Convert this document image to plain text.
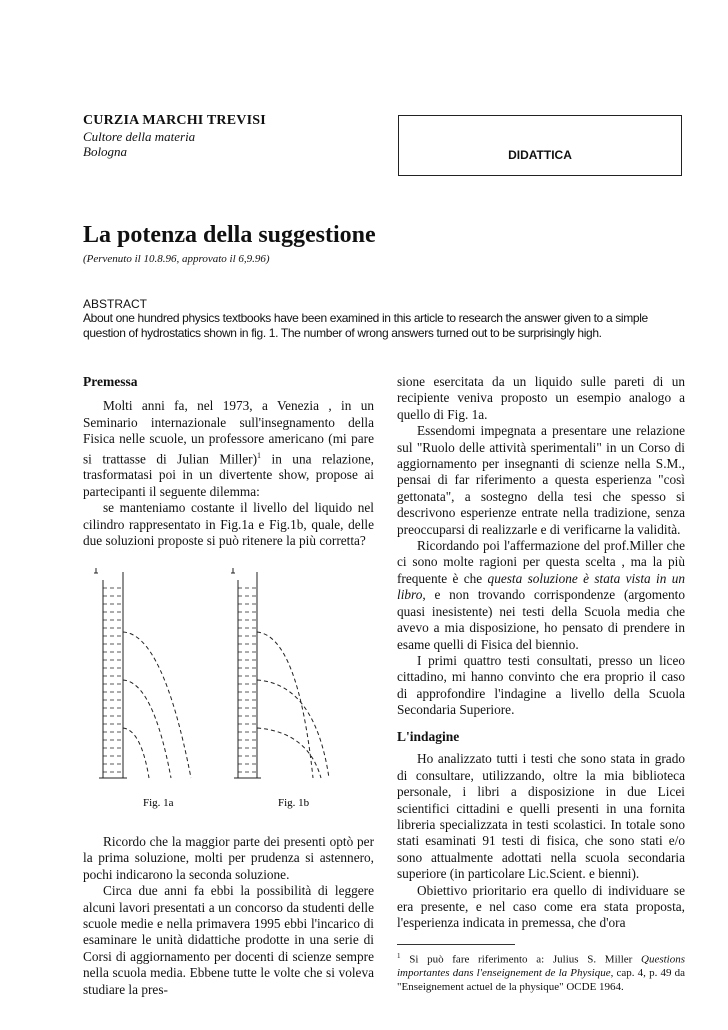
CURZIA MARCHI TREVISI
Cultore della materia
Bologna	DIDATTICA
La potenza della suggestione
(Pervenuto il 10.8.96, approvato il 6,9.96)
ABSTRACT
About one hundred physics textbooks have been examined in this article to research the answer given to a simple question of hydrostatics shown in fig. 1. The number of wrong answers turned out to be surprisingly high.

Premessa

Molti anni fa, nel 1973, a Venezia , in un Seminario internazionale sull'insegnamento della Fisica nelle scuole, un professore americano (mi pare si trattasse di Julian Miller)$^1$ in una relazione, trasformatasi poi in un divertente show, propose ai partecipanti il seguente dilemma:

se manteniamo costante il livello del liquido nel cilindro rappresentato in Fig.1a e Fig.1b, quale, delle due soluzioni proposte si può ritenere la più corretta?

Fig. 1a	Fig. 1b

Ricordo che la maggior parte dei presenti optò per la prima soluzione, molti per prudenza si astennero, pochi indicarono la seconda soluzione.

Circa due anni fa ebbi la possibilità di leggere alcuni lavori presentati a un concorso da studenti delle scuole medie e nella primavera 1995 ebbi l'incarico di esaminare le unità didattiche prodotte in una serie di Corsi di aggiornamento per docenti di scienze sempre nella scuola media. Ebbene tutte le volte che si voleva studiare la pres-

sione esercitata da un liquido sulle pareti di un recipiente veniva proposto un esempio analogo a quello di Fig. 1a.

Essendomi impegnata a presentare une relazione sul "Ruolo delle attività sperimentali" in un Corso di aggiornamento per insegnanti di scienze nella S.M., pensai di far riferimento a questa esperienza "così gettonata", a sostegno della tesi che spesso si descrivono esperienze entrate nella tradizione, senza preoccuparsi di realizzarle e di verificarne la validità.

Ricordando poi l'affermazione del prof.Miller che ci sono molte ragioni per questa scelta , ma la più frequente è che questa soluzione è stata vista in un libro, e non trovando corrispondenze (argomento quasi inesistente) nei testi della Scuola media che avevo a mia disposizione, ho pensato di prendere in esame quelli di Fisica del biennio.

I primi quattro testi consultati, presso un liceo cittadino, mi hanno convinto che era proprio il caso di approfondire l'indagine a livello della Scuola Secondaria Superiore.

L'indagine

Ho analizzato tutti i testi che sono stata in grado di consultare, utilizzando, oltre la mia biblioteca personale, i libri a disposizione in due Licei scientifici cittadini e quelli presenti in una fornita libreria specializzata in testi scolastici. In totale sono stati esaminati 91 testi di fisica, che sono stati e/o sono attualmente adottati nella scuola secondaria superiore (in particolare Lic.Scient. e bienni).

Obiettivo prioritario era quello di individuare se era presente, e nel caso come era stata proposta, l'esperienza indicata in premessa, che d'ora

$^1$ Si può fare riferimento a: Julius S. Miller Questions importantes dans l'enseignement de la Physique, cap. 4, p. 49 da "Enseignement actuel de la physique" OCDE 1964.
